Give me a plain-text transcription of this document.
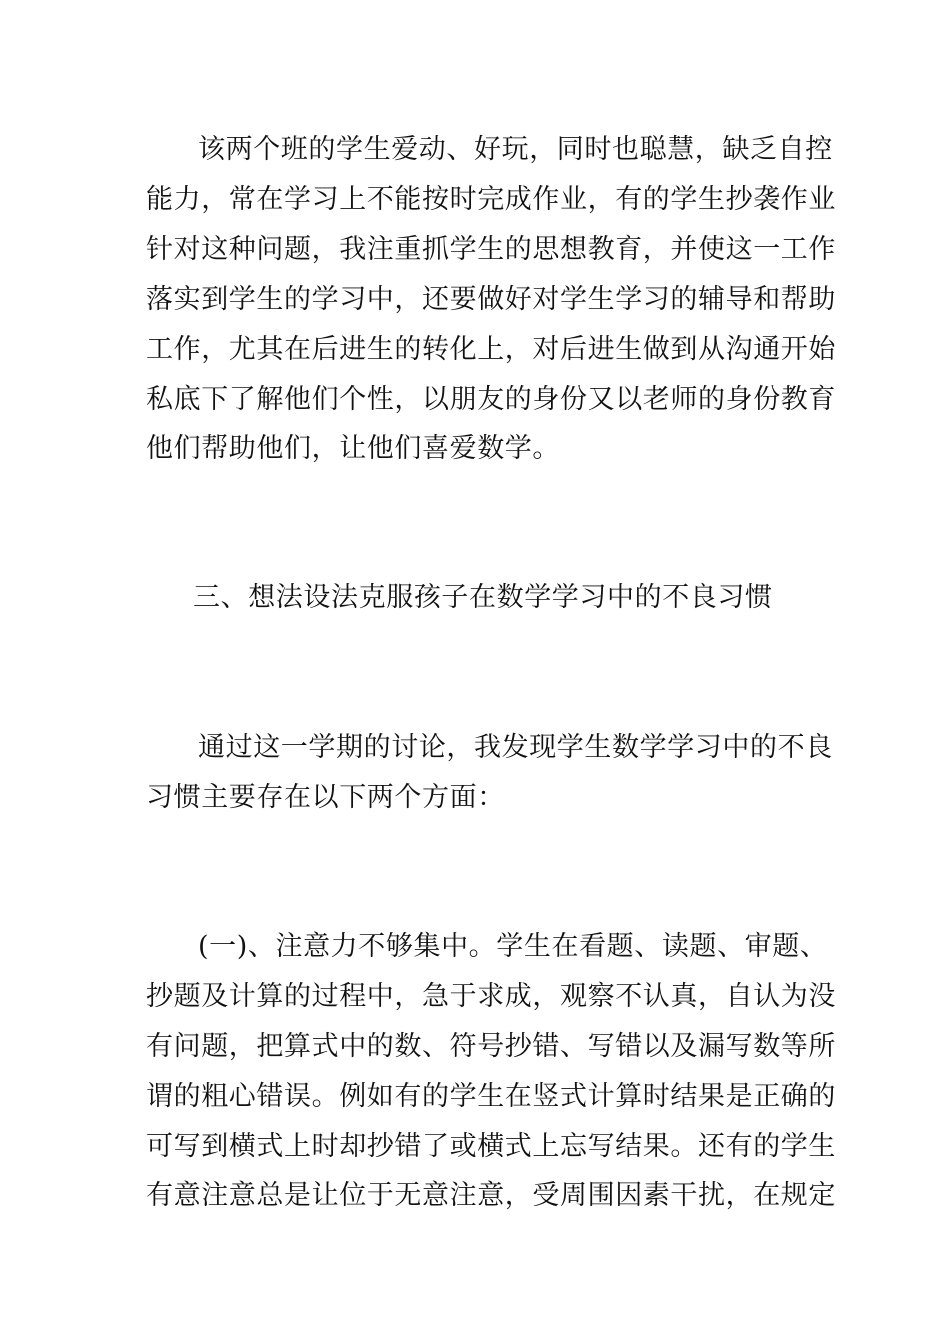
该两个班的学生爱动、好玩，同时也聪慧，缺乏自控
能力，常在学习上不能按时完成作业，有的学生抄袭作业
针对这种问题，我注重抓学生的思想教育，并使这一工作
落实到学生的学习中，还要做好对学生学习的辅导和帮助
工作，尤其在后进生的转化上，对后进生做到从沟通开始
私底下了解他们个性，以朋友的身份又以老师的身份教育
他们帮助他们，让他们喜爱数学。
三、想法设法克服孩子在数学学习中的不良习惯
通过这一学期的讨论，我发现学生数学学习中的不良
习惯主要存在以下两个方面：
(一)、注意力不够集中。学生在看题、读题、审题、
抄题及计算的过程中，急于求成，观察不认真，自认为没
有问题，把算式中的数、符号抄错、写错以及漏写数等所
谓的粗心错误。例如有的学生在竖式计算时结果是正确的
可写到横式上时却抄错了或横式上忘写结果。还有的学生
有意注意总是让位于无意注意，受周围因素干扰，在规定
